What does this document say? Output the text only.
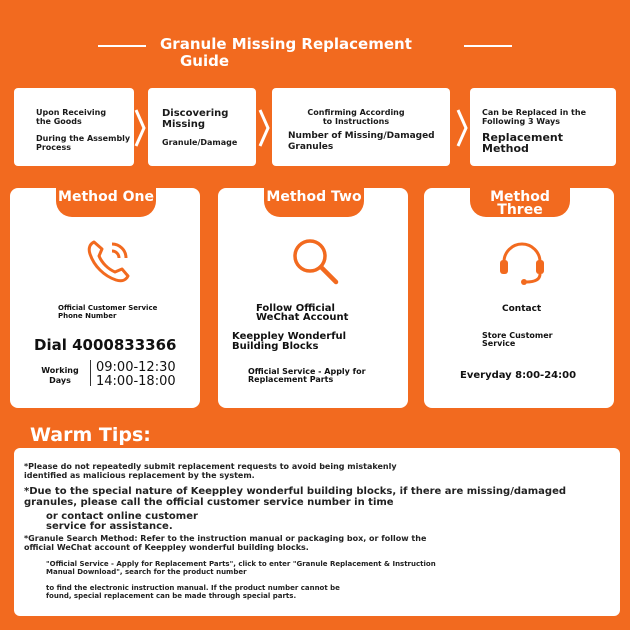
Granule Missing Replacement
Guide
Upon Receiving the Goods
During the Assembly Process
Discovering Missing
Granule/Damage
Confirming According to Instructions
Number of Missing/Damaged Granules
Can be Replaced in the Following 3 Ways
Replacement Method
Method One
Official Customer Service Phone Number
Dial 4000833366
Working Days
09:00-12:30
14:00-18:00
Method Two
Follow Official WeChat Account
Keeppley Wonderful Building Blocks
Official Service - Apply for Replacement Parts
Method Three
Contact
Store Customer Service
Everyday 8:00-24:00
Warm Tips:
*Please do not repeatedly submit replacement requests to avoid being mistakenly identified as malicious replacement by the system.
*Due to the special nature of Keeppley wonderful building blocks, if there are missing/damaged granules, please call the official customer service number in time
or contact online customer service for assistance.
*Granule Search Method: Refer to the instruction manual or packaging box, or follow the official WeChat account of Keeppley wonderful building blocks.
"Official Service - Apply for Replacement Parts", click to enter "Granule Replacement & Instruction Manual Download", search for the product number
to find the electronic instruction manual. If the product number cannot be found, special replacement can be made through special parts.
